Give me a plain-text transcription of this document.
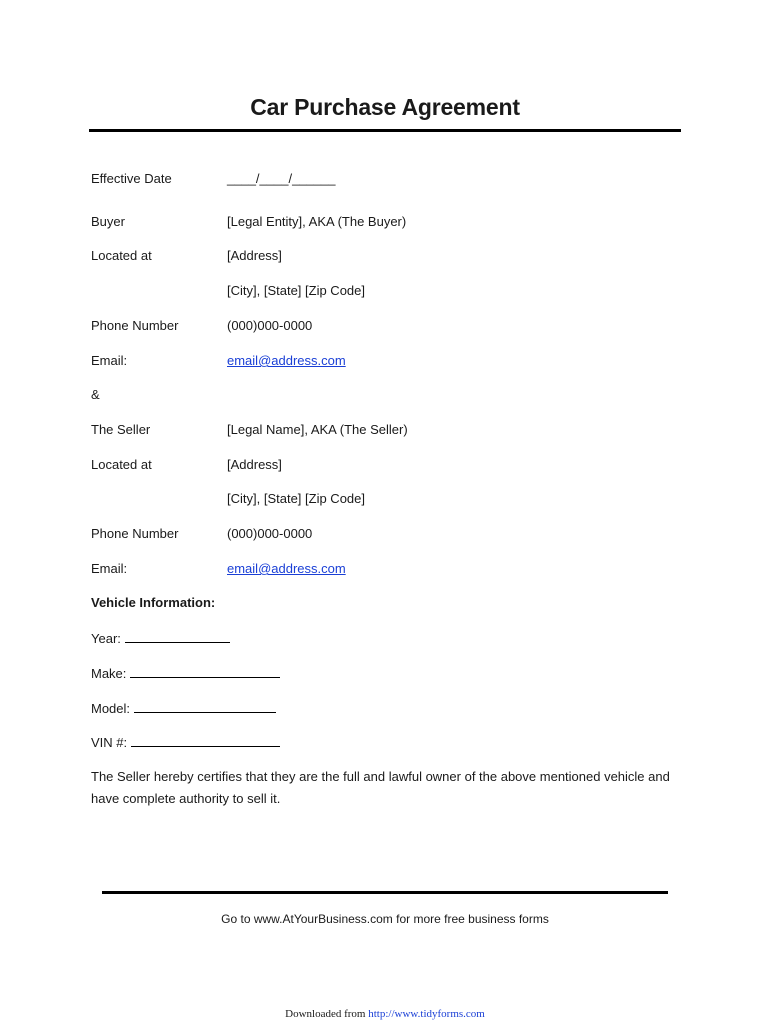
Car Purchase Agreement
Effective Date	____/____/______
Buyer	[Legal Entity], AKA (The Buyer)
Located at	[Address]
[City], [State] [Zip Code]
Phone Number	(000)000-0000
Email:	email@address.com
&
The Seller	[Legal Name], AKA (The Seller)
Located at	[Address]
[City], [State] [Zip Code]
Phone Number	(000)000-0000
Email:	email@address.com
Vehicle Information:
Year:
Make:
Model:
VIN #:
The Seller hereby certifies that they are the full and lawful owner of the above mentioned vehicle and have complete authority to sell it.
Go to www.AtYourBusiness.com for more free business forms
Downloaded from http://www.tidyforms.com
